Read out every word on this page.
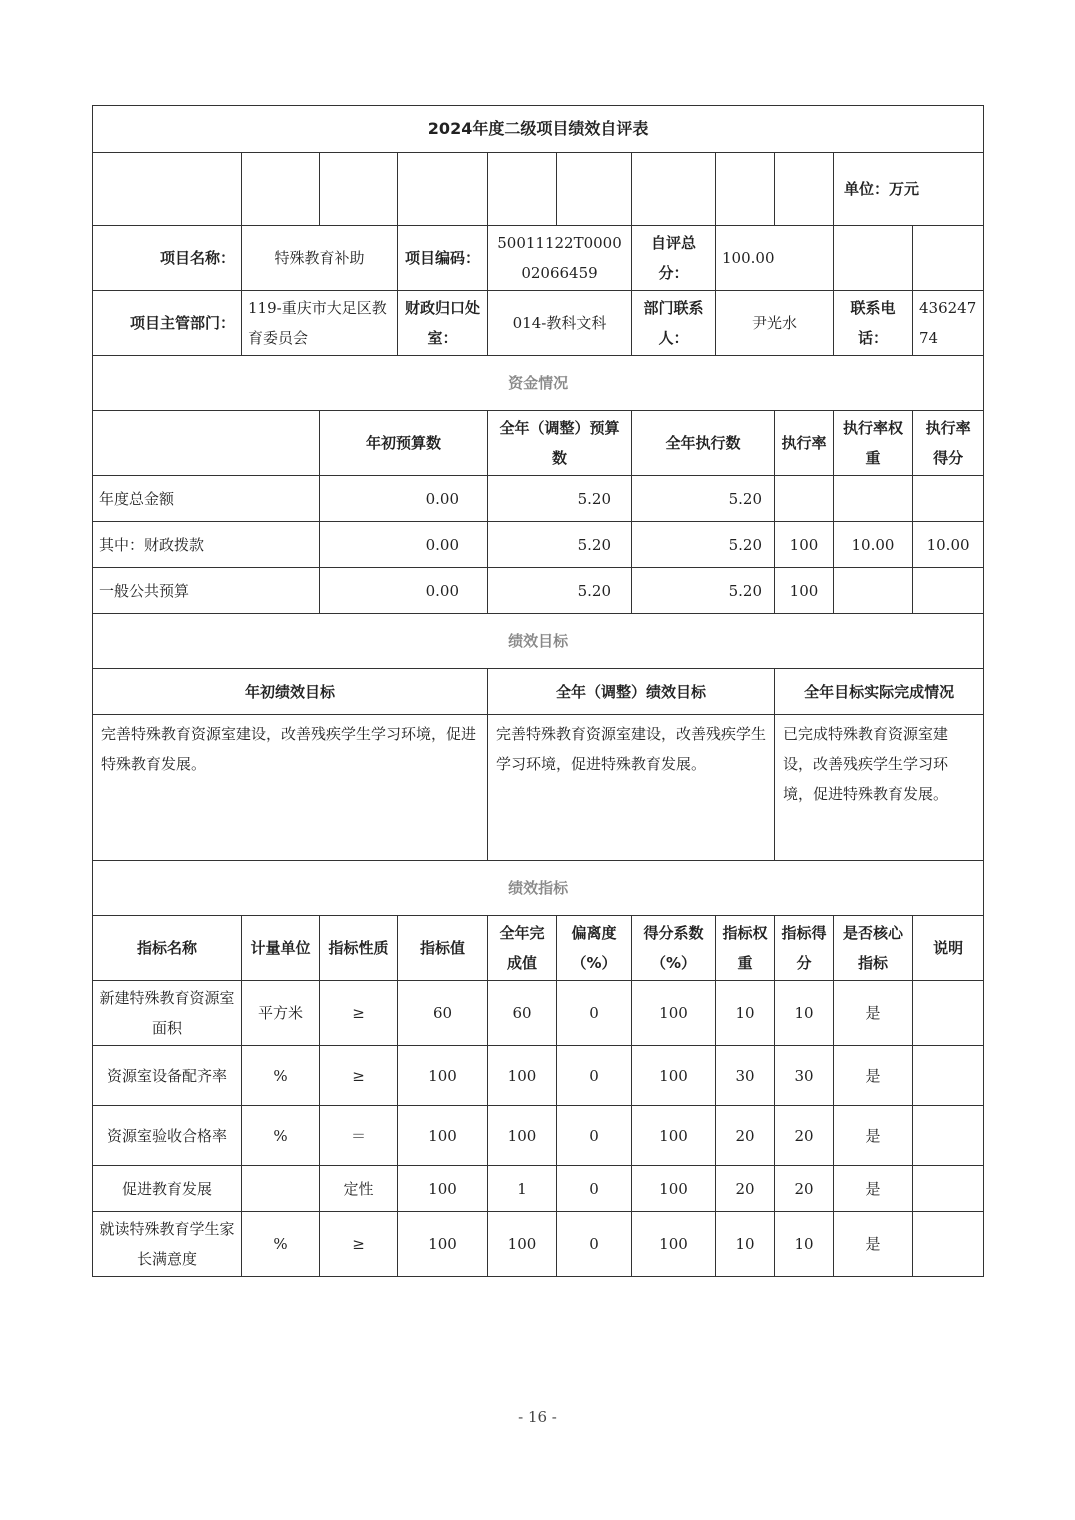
2024年度二级项目绩效自评表										
									单位：万元	
项目名称：	特殊教育补助		项目编码：	50011122T000002066459		自评总分：	100.00			
项目主管部门：	119-重庆市大足区教育委员会		财政归口处室：	014-教科文科		部门联系人：	尹光水		联系电话：	43624774
资金情况										
		年初预算数		全年（调整）预算数		全年执行数		执行率	执行率权重	执行率得分
年度总金额		0.00		5.20		5.20				
其中：财政拨款		0.00		5.20		5.20		100	10.00	10.00
一般公共预算		0.00		5.20		5.20		100		
绩效目标										
年初绩效目标				全年（调整）绩效目标				全年目标实际完成情况		
完善特殊教育资源室建设，改善残疾学生学习环境，促进特殊教育发展。				完善特殊教育资源室建设，改善残疾学生学习环境，促进特殊教育发展。				已完成特殊教育资源室建设，改善残疾学生学习环境，促进特殊教育发展。		
绩效指标										
指标名称	计量单位	指标性质	指标值	全年完成值	偏离度（%）	得分系数（%）	指标权重	指标得分	是否核心指标	说明
新建特殊教育资源室面积	平方米	≥	60	60	0	100	10	10	是	
资源室设备配齐率	%	≥	100	100	0	100	30	30	是	
资源室验收合格率	%	＝	100	100	0	100	20	20	是	
促进教育发展		定性	100	1	0	100	20	20	是	
就读特殊教育学生家长满意度	%	≥	100	100	0	100	10	10	是	
- 16 -
